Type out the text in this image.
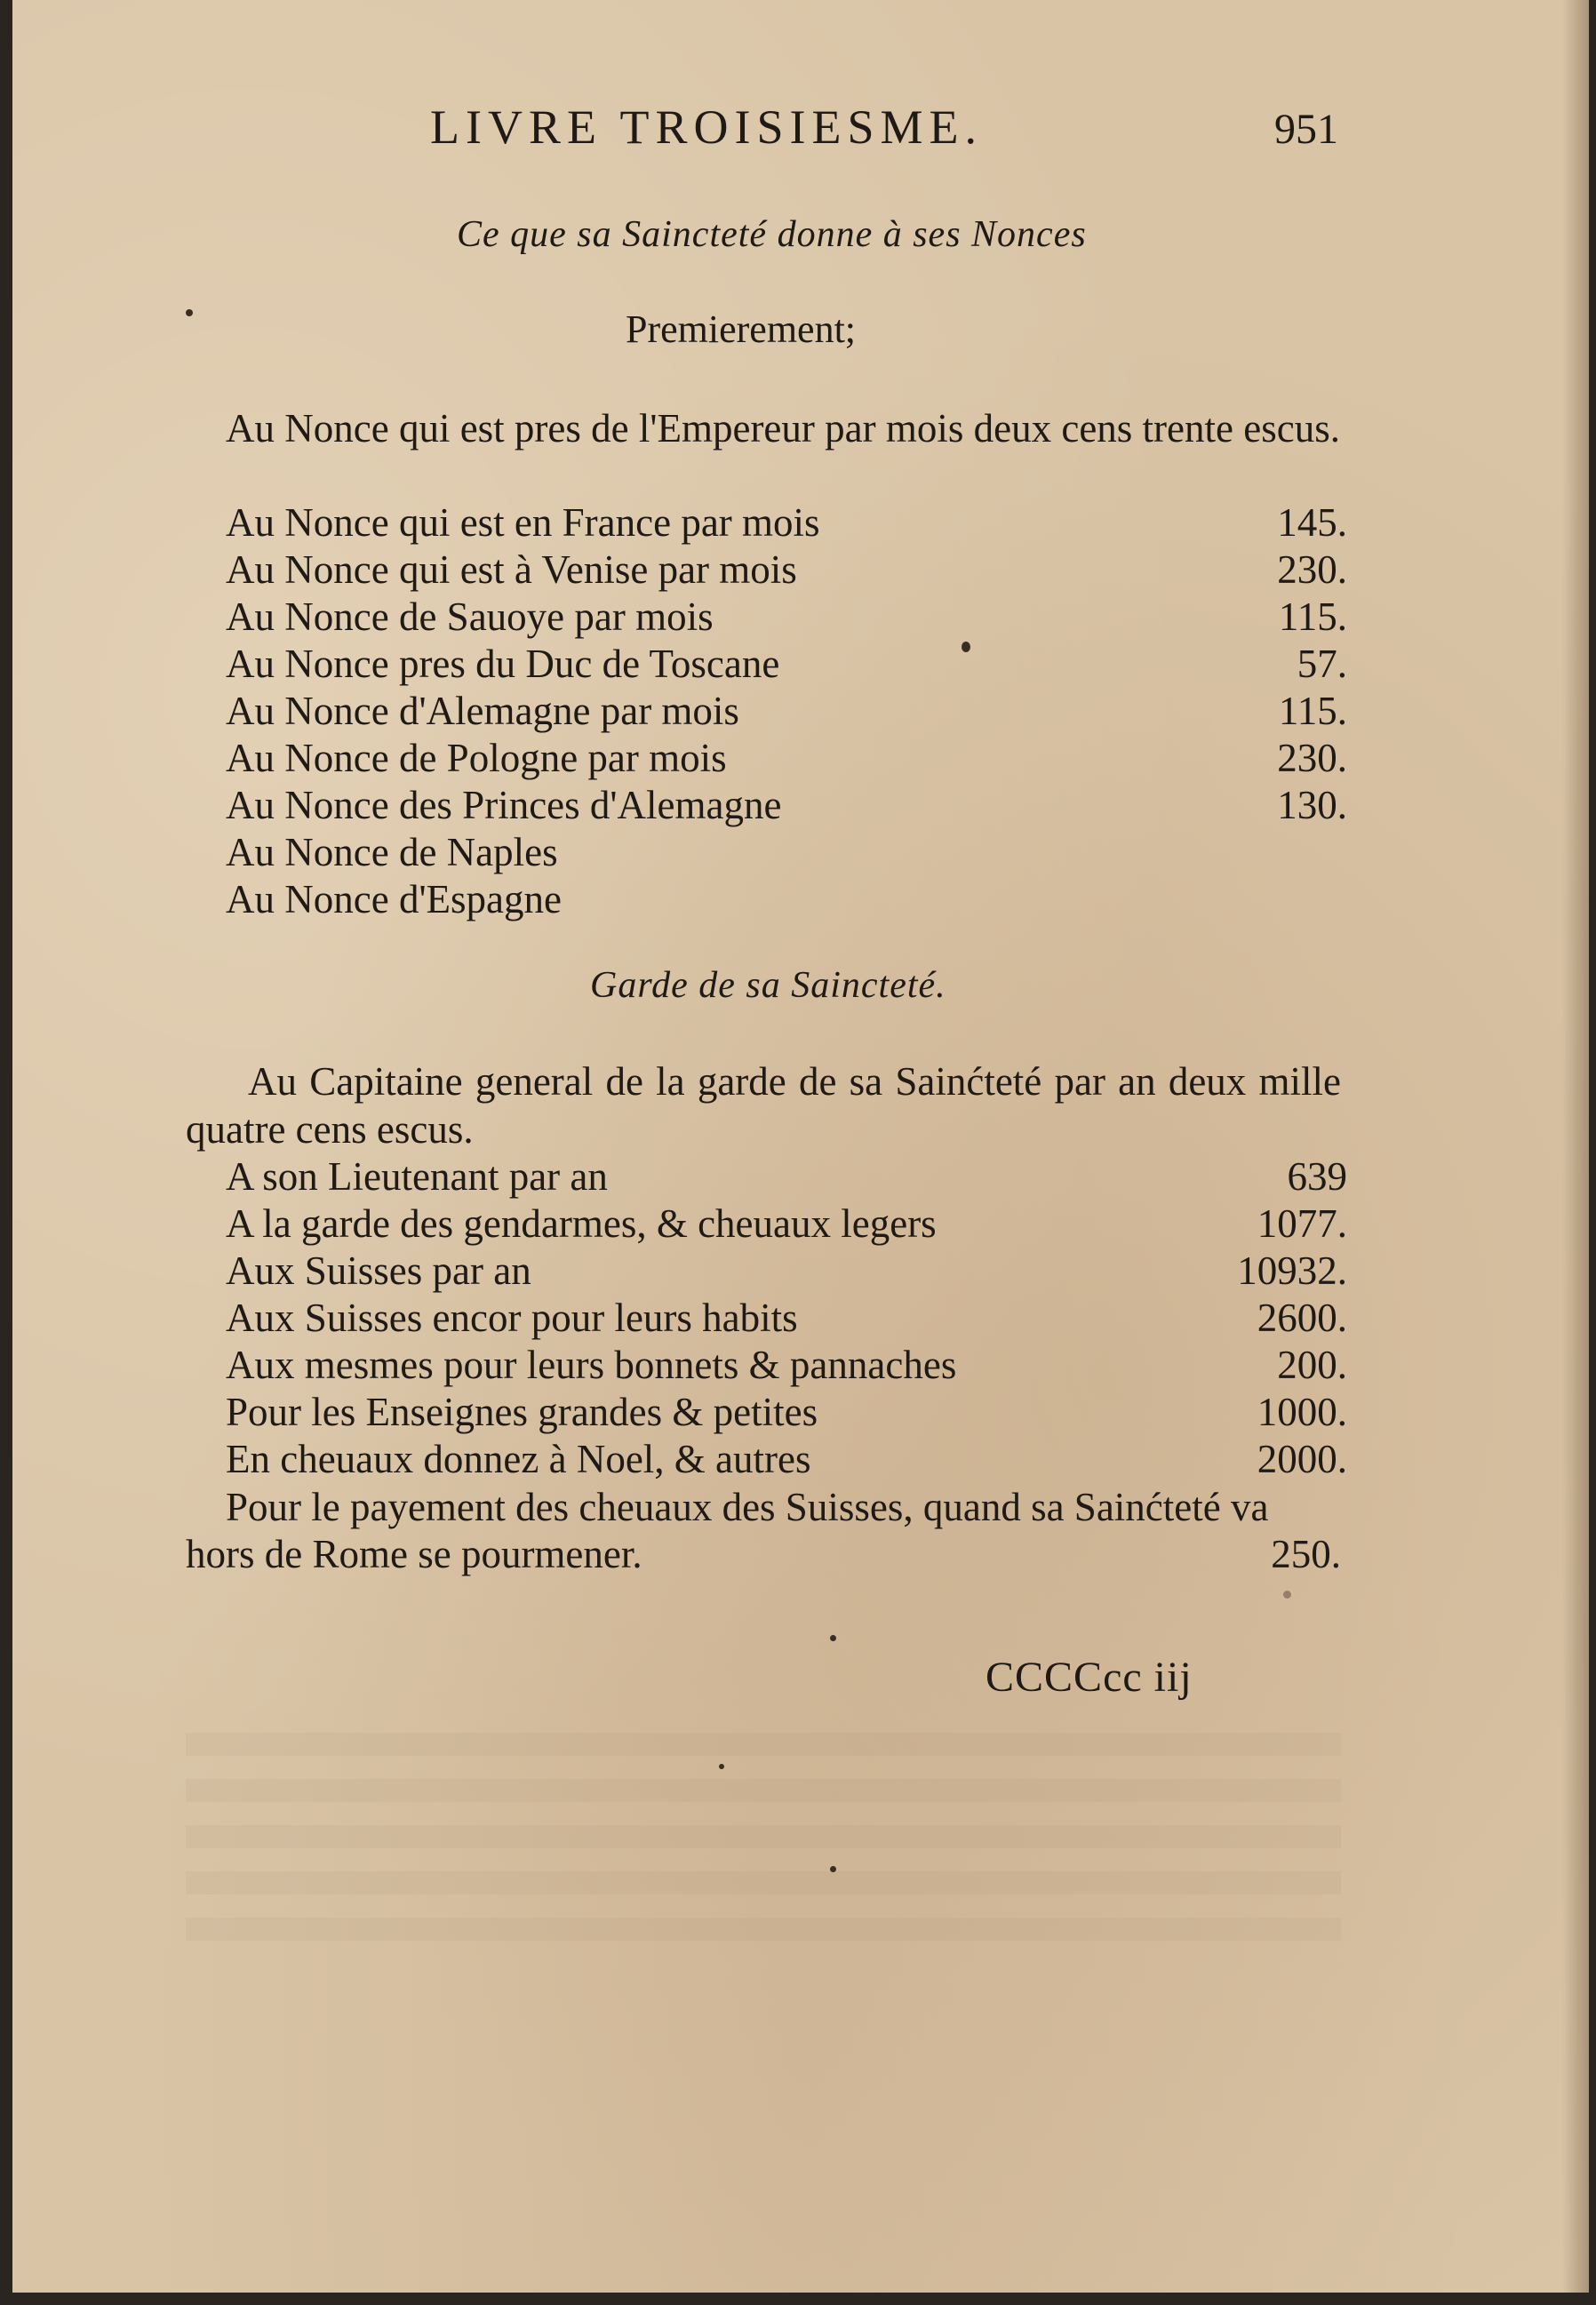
LIVRE TROISIESME.	951
Ce que sa Saincteté donne à ses Nonces
Premierement;
Au Nonce qui est pres de l'Empereur par mois deux cens trente escus.
Au Nonce qui est en France par mois	145.
Au Nonce qui est à Venise par mois	230.
Au Nonce de Sauoye par mois	115.
Au Nonce pres du Duc de Toscane	57.
Au Nonce d'Alemagne par mois	115.
Au Nonce de Pologne par mois	230.
Au Nonce des Princes d'Alemagne	130.
Au Nonce de Naples
Au Nonce d'Espagne
Garde de sa Saincteté.
Au Capitaine general de la garde de sa Sainćteté par an deux mille quatre cens escus.
A son Lieutenant par an	639
A la garde des gendarmes, & cheuaux legers	1077.
Aux Suisses par an	10932.
Aux Suisses encor pour leurs habits	2600.
Aux mesmes pour leurs bonnets & pannaches	200.
Pour les Enseignes grandes & petites	1000.
En cheuaux donnez à Noel, & autres	2000.
Pour le payement des cheuaux des Suisses, quand sa Sainćteté va
hors de Rome se pourmener.	250.
CCCCcc iij
